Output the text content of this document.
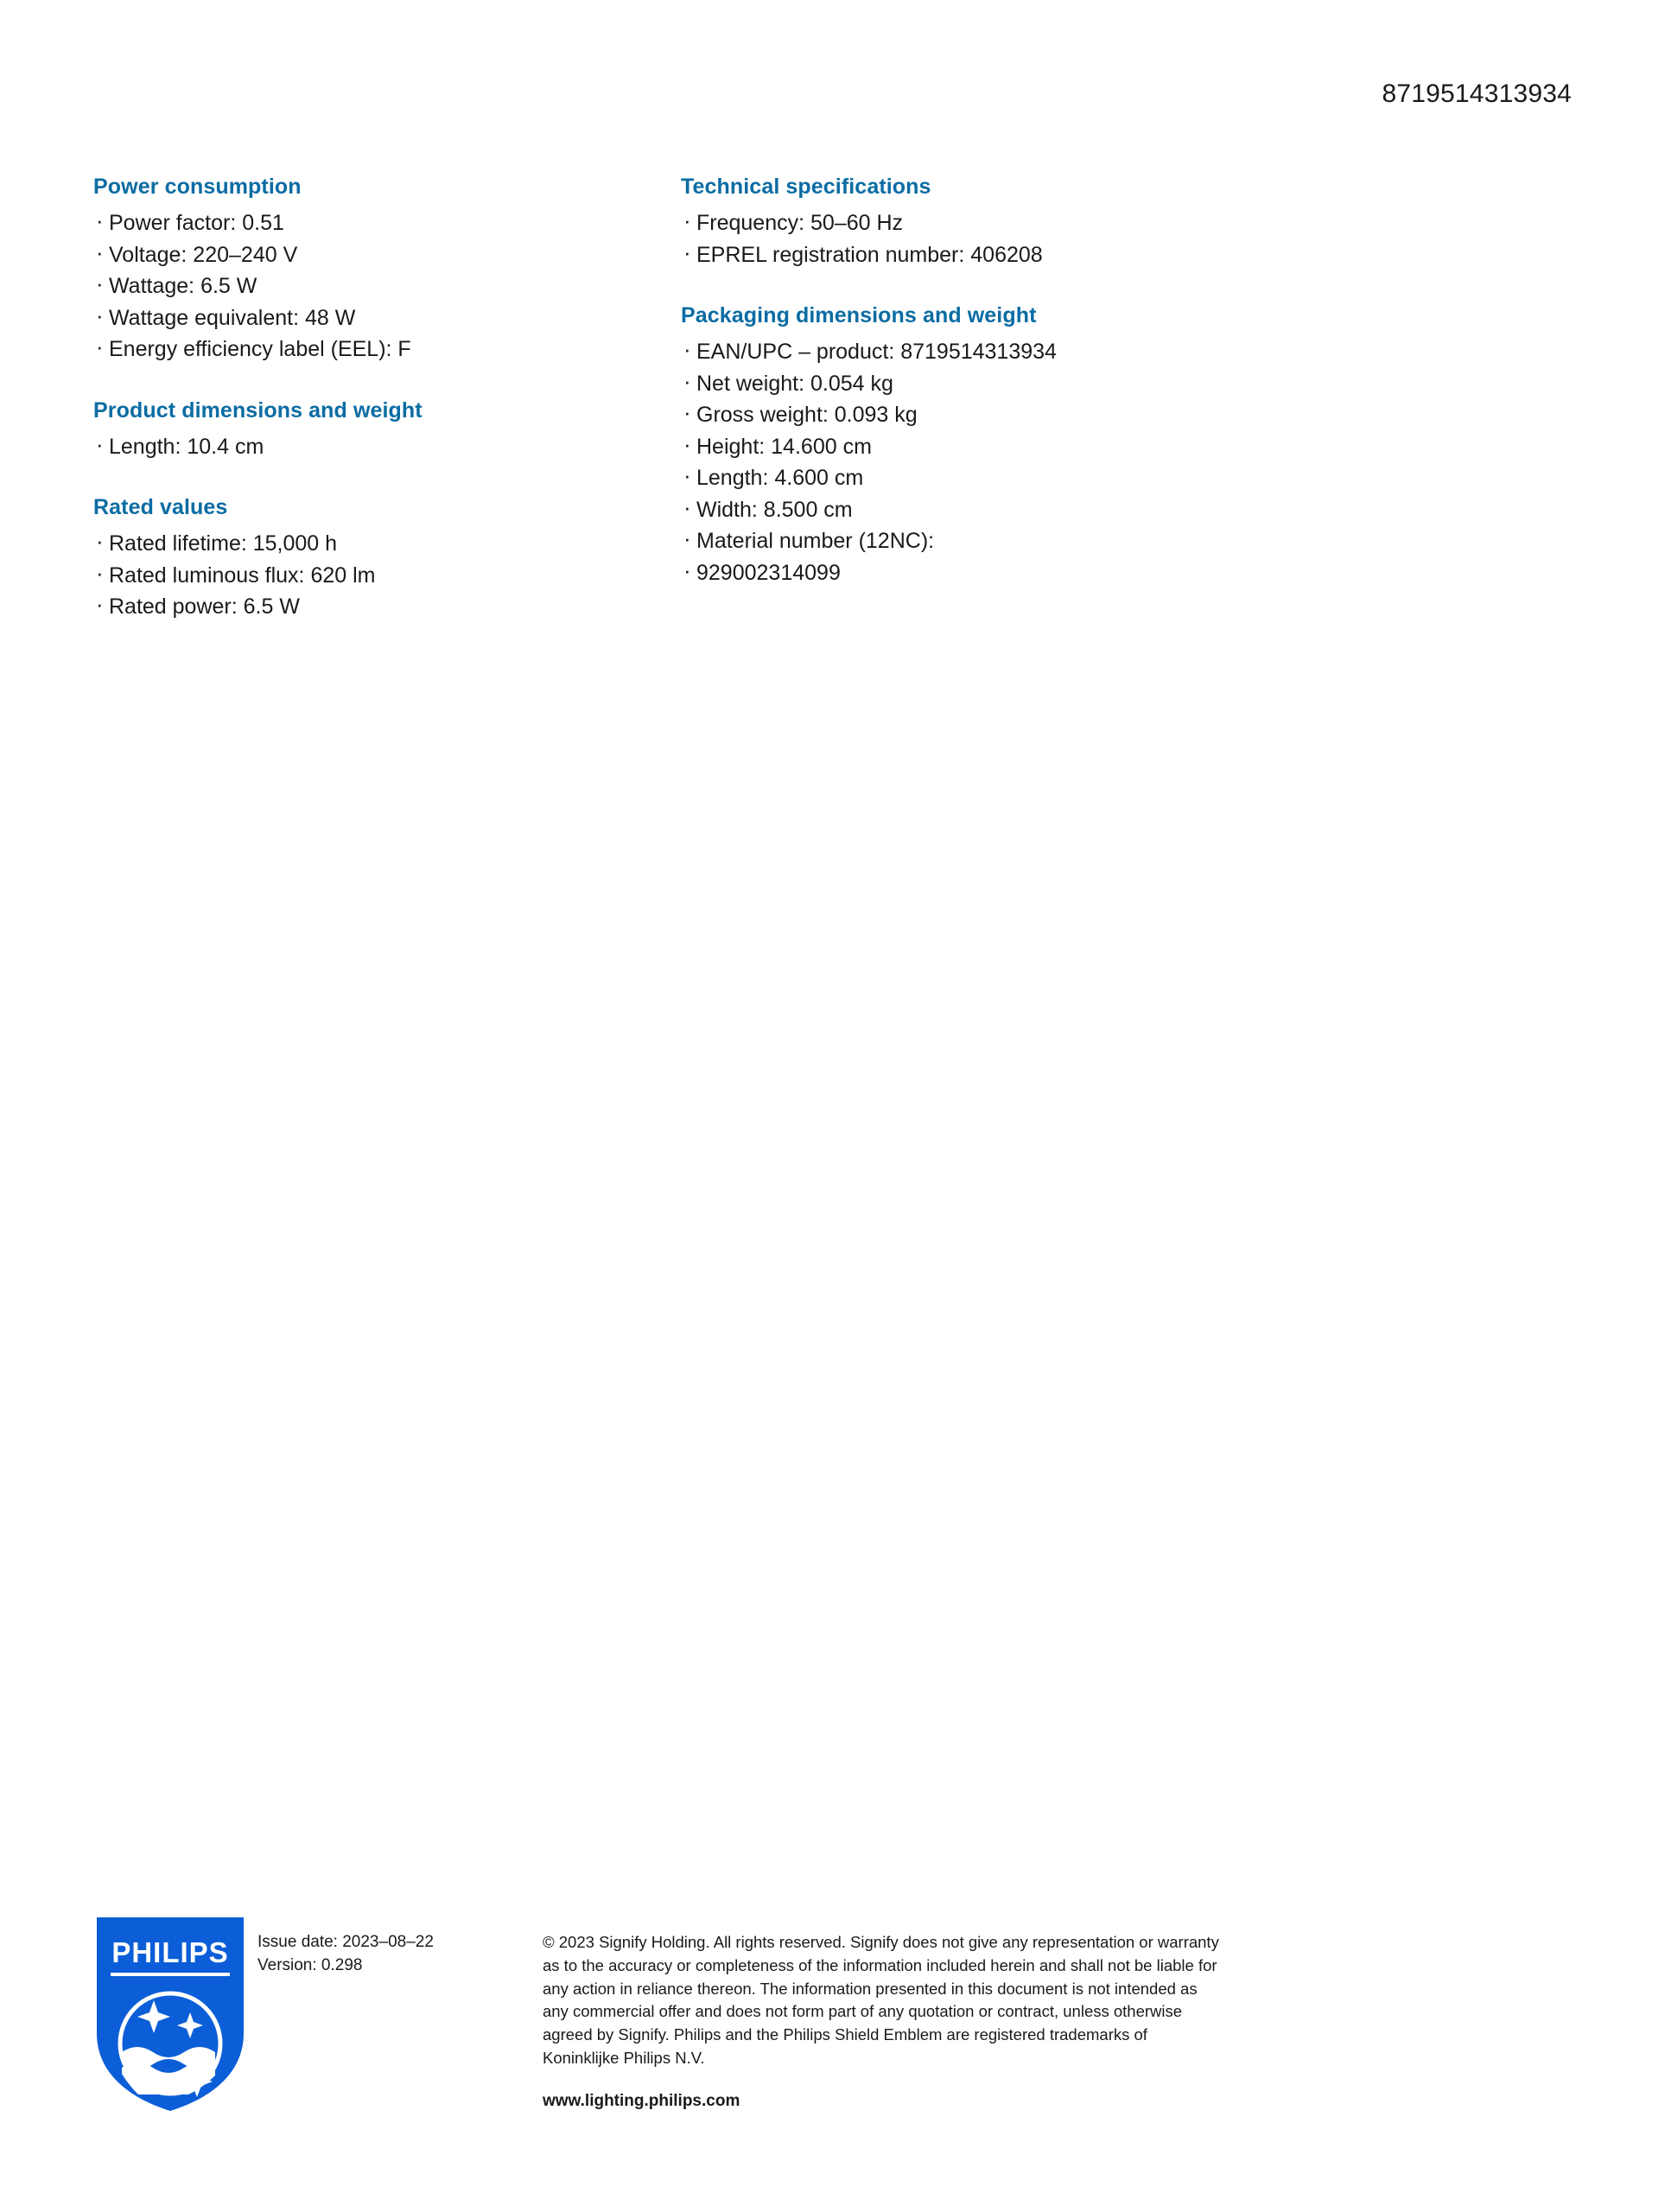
8719514313934
Power consumption
· Power factor: 0.51
· Voltage: 220–240 V
· Wattage: 6.5 W
· Wattage equivalent: 48 W
· Energy efficiency label (EEL): F
Product dimensions and weight
· Length: 10.4 cm
Rated values
· Rated lifetime: 15,000 h
· Rated luminous flux: 620 lm
· Rated power: 6.5 W
Technical specifications
· Frequency: 50–60 Hz
· EPREL registration number: 406208
Packaging dimensions and weight
· EAN/UPC – product: 8719514313934
· Net weight: 0.054 kg
· Gross weight: 0.093 kg
· Height: 14.600 cm
· Length: 4.600 cm
· Width: 8.500 cm
· Material number (12NC):
· 929002314099
PHILIPS Issue date: 2023–08–22
Version: 0.298
© 2023 Signify Holding. All rights reserved. Signify does not give any representation or warranty as to the accuracy or completeness of the information included herein and shall not be liable for any action in reliance thereon. The information presented in this document is not intended as any commercial offer and does not form part of any quotation or contract, unless otherwise agreed by Signify. Philips and the Philips Shield Emblem are registered trademarks of Koninklijke Philips N.V.
www.lighting.philips.com
